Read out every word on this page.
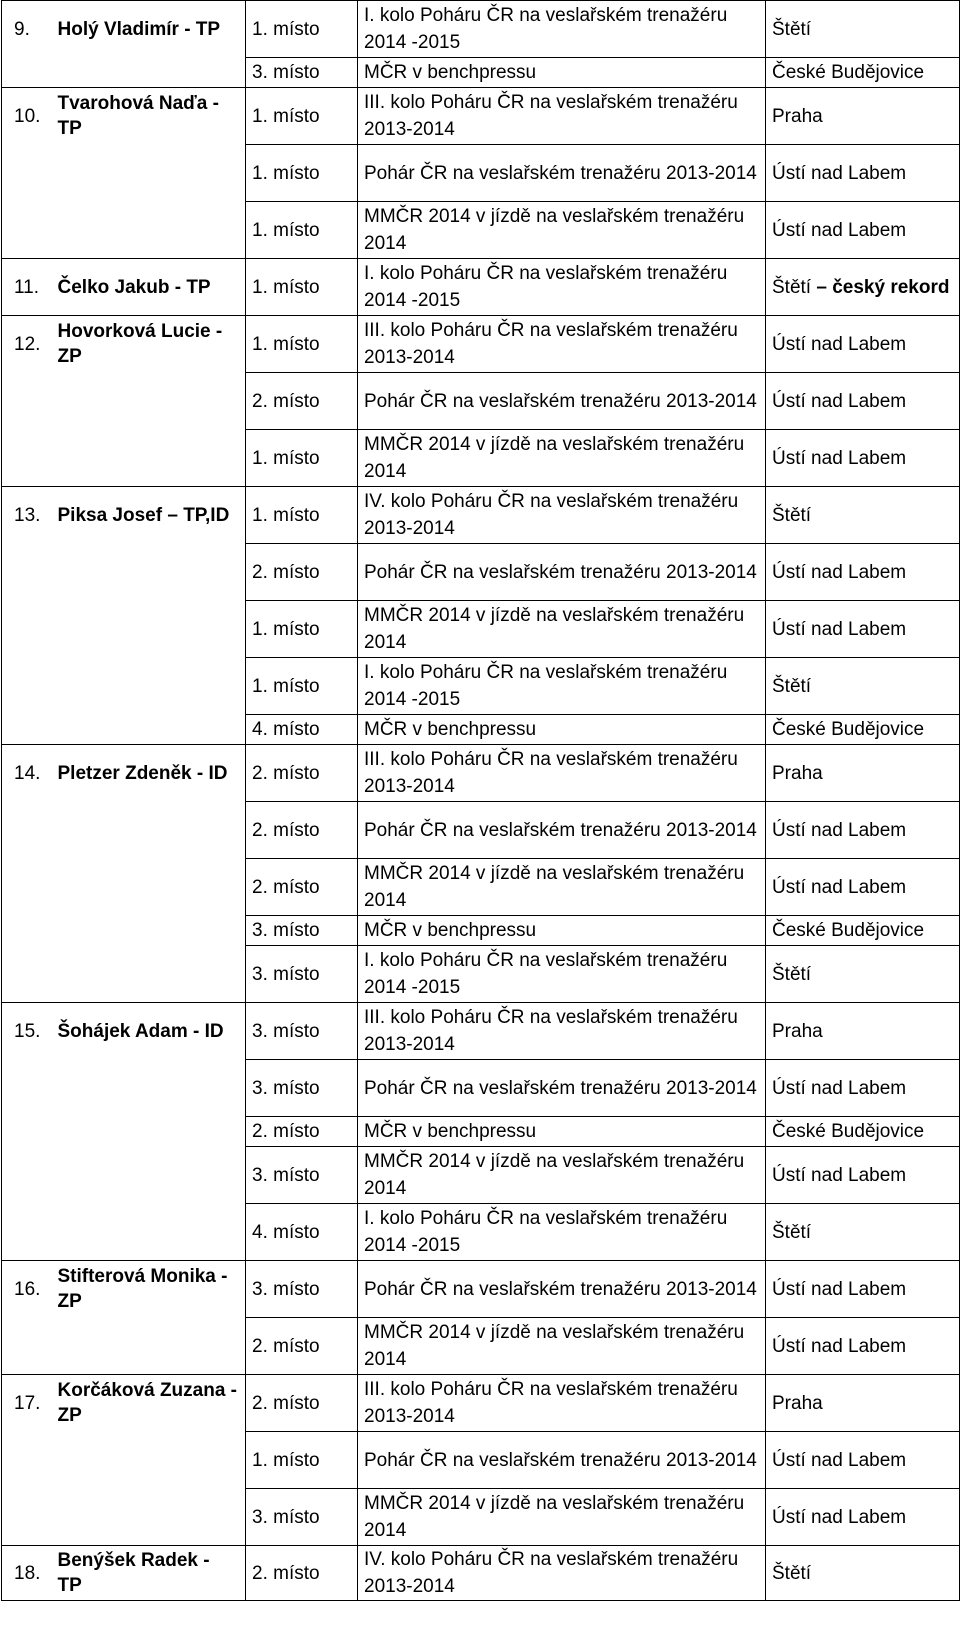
9.	Holý Vladimír - TP	1. místo	I. kolo Poháru ČR na veslařském trenažéru 2014 -2015	Štětí
		3. místo	MČR v benchpressu	České Budějovice
10.	Tvarohová Naďa - TP	1. místo	III. kolo Poháru ČR na veslařském trenažéru 2013-2014	Praha
		1. místo	Pohár ČR na veslařském trenažéru 2013-2014	Ústí nad Labem
		1. místo	MMČR 2014 v jízdě na veslařském trenažéru 2014	Ústí nad Labem
11.	Čelko Jakub - TP	1. místo	I. kolo Poháru ČR na veslařském trenažéru 2014 -2015	Štětí – český rekord
12.	Hovorková Lucie - ZP	1. místo	III. kolo Poháru ČR na veslařském trenažéru 2013-2014	Ústí nad Labem
		2. místo	Pohár ČR na veslařském trenažéru 2013-2014	Ústí nad Labem
		1. místo	MMČR 2014 v jízdě na veslařském trenažéru 2014	Ústí nad Labem
13.	Piksa Josef – TP,ID	1. místo	IV. kolo Poháru ČR na veslařském trenažéru 2013-2014	Štětí
		2. místo	Pohár ČR na veslařském trenažéru 2013-2014	Ústí nad Labem
		1. místo	MMČR 2014 v jízdě na veslařském trenažéru 2014	Ústí nad Labem
		1. místo	I. kolo Poháru ČR na veslařském trenažéru 2014 -2015	Štětí
		4. místo	MČR v benchpressu	České Budějovice
14.	Pletzer Zdeněk - ID	2. místo	III. kolo Poháru ČR na veslařském trenažéru 2013-2014	Praha
		2. místo	Pohár ČR na veslařském trenažéru 2013-2014	Ústí nad Labem
		2. místo	MMČR 2014 v jízdě na veslařském trenažéru 2014	Ústí nad Labem
		3. místo	MČR v benchpressu	České Budějovice
		3. místo	I. kolo Poháru ČR na veslařském trenažéru 2014 -2015	Štětí
15.	Šohájek Adam - ID	3. místo	III. kolo Poháru ČR na veslařském trenažéru 2013-2014	Praha
		3. místo	Pohár ČR na veslařském trenažéru 2013-2014	Ústí nad Labem
		2. místo	MČR v benchpressu	České Budějovice
		3. místo	MMČR 2014 v jízdě na veslařském trenažéru 2014	Ústí nad Labem
		4. místo	I. kolo Poháru ČR na veslařském trenažéru 2014 -2015	Štětí
16.	Stifterová Monika - ZP	3. místo	Pohár ČR na veslařském trenažéru 2013-2014	Ústí nad Labem
		2. místo	MMČR 2014 v jízdě na veslařském trenažéru 2014	Ústí nad Labem
17.	Korčáková Zuzana - ZP	2. místo	III. kolo Poháru ČR na veslařském trenažéru 2013-2014	Praha
		1. místo	Pohár ČR na veslařském trenažéru 2013-2014	Ústí nad Labem
		3. místo	MMČR 2014 v jízdě na veslařském trenažéru 2014	Ústí nad Labem
18.	Benýšek Radek - TP	2. místo	IV. kolo Poháru ČR na veslařském trenažéru 2013-2014	Štětí
